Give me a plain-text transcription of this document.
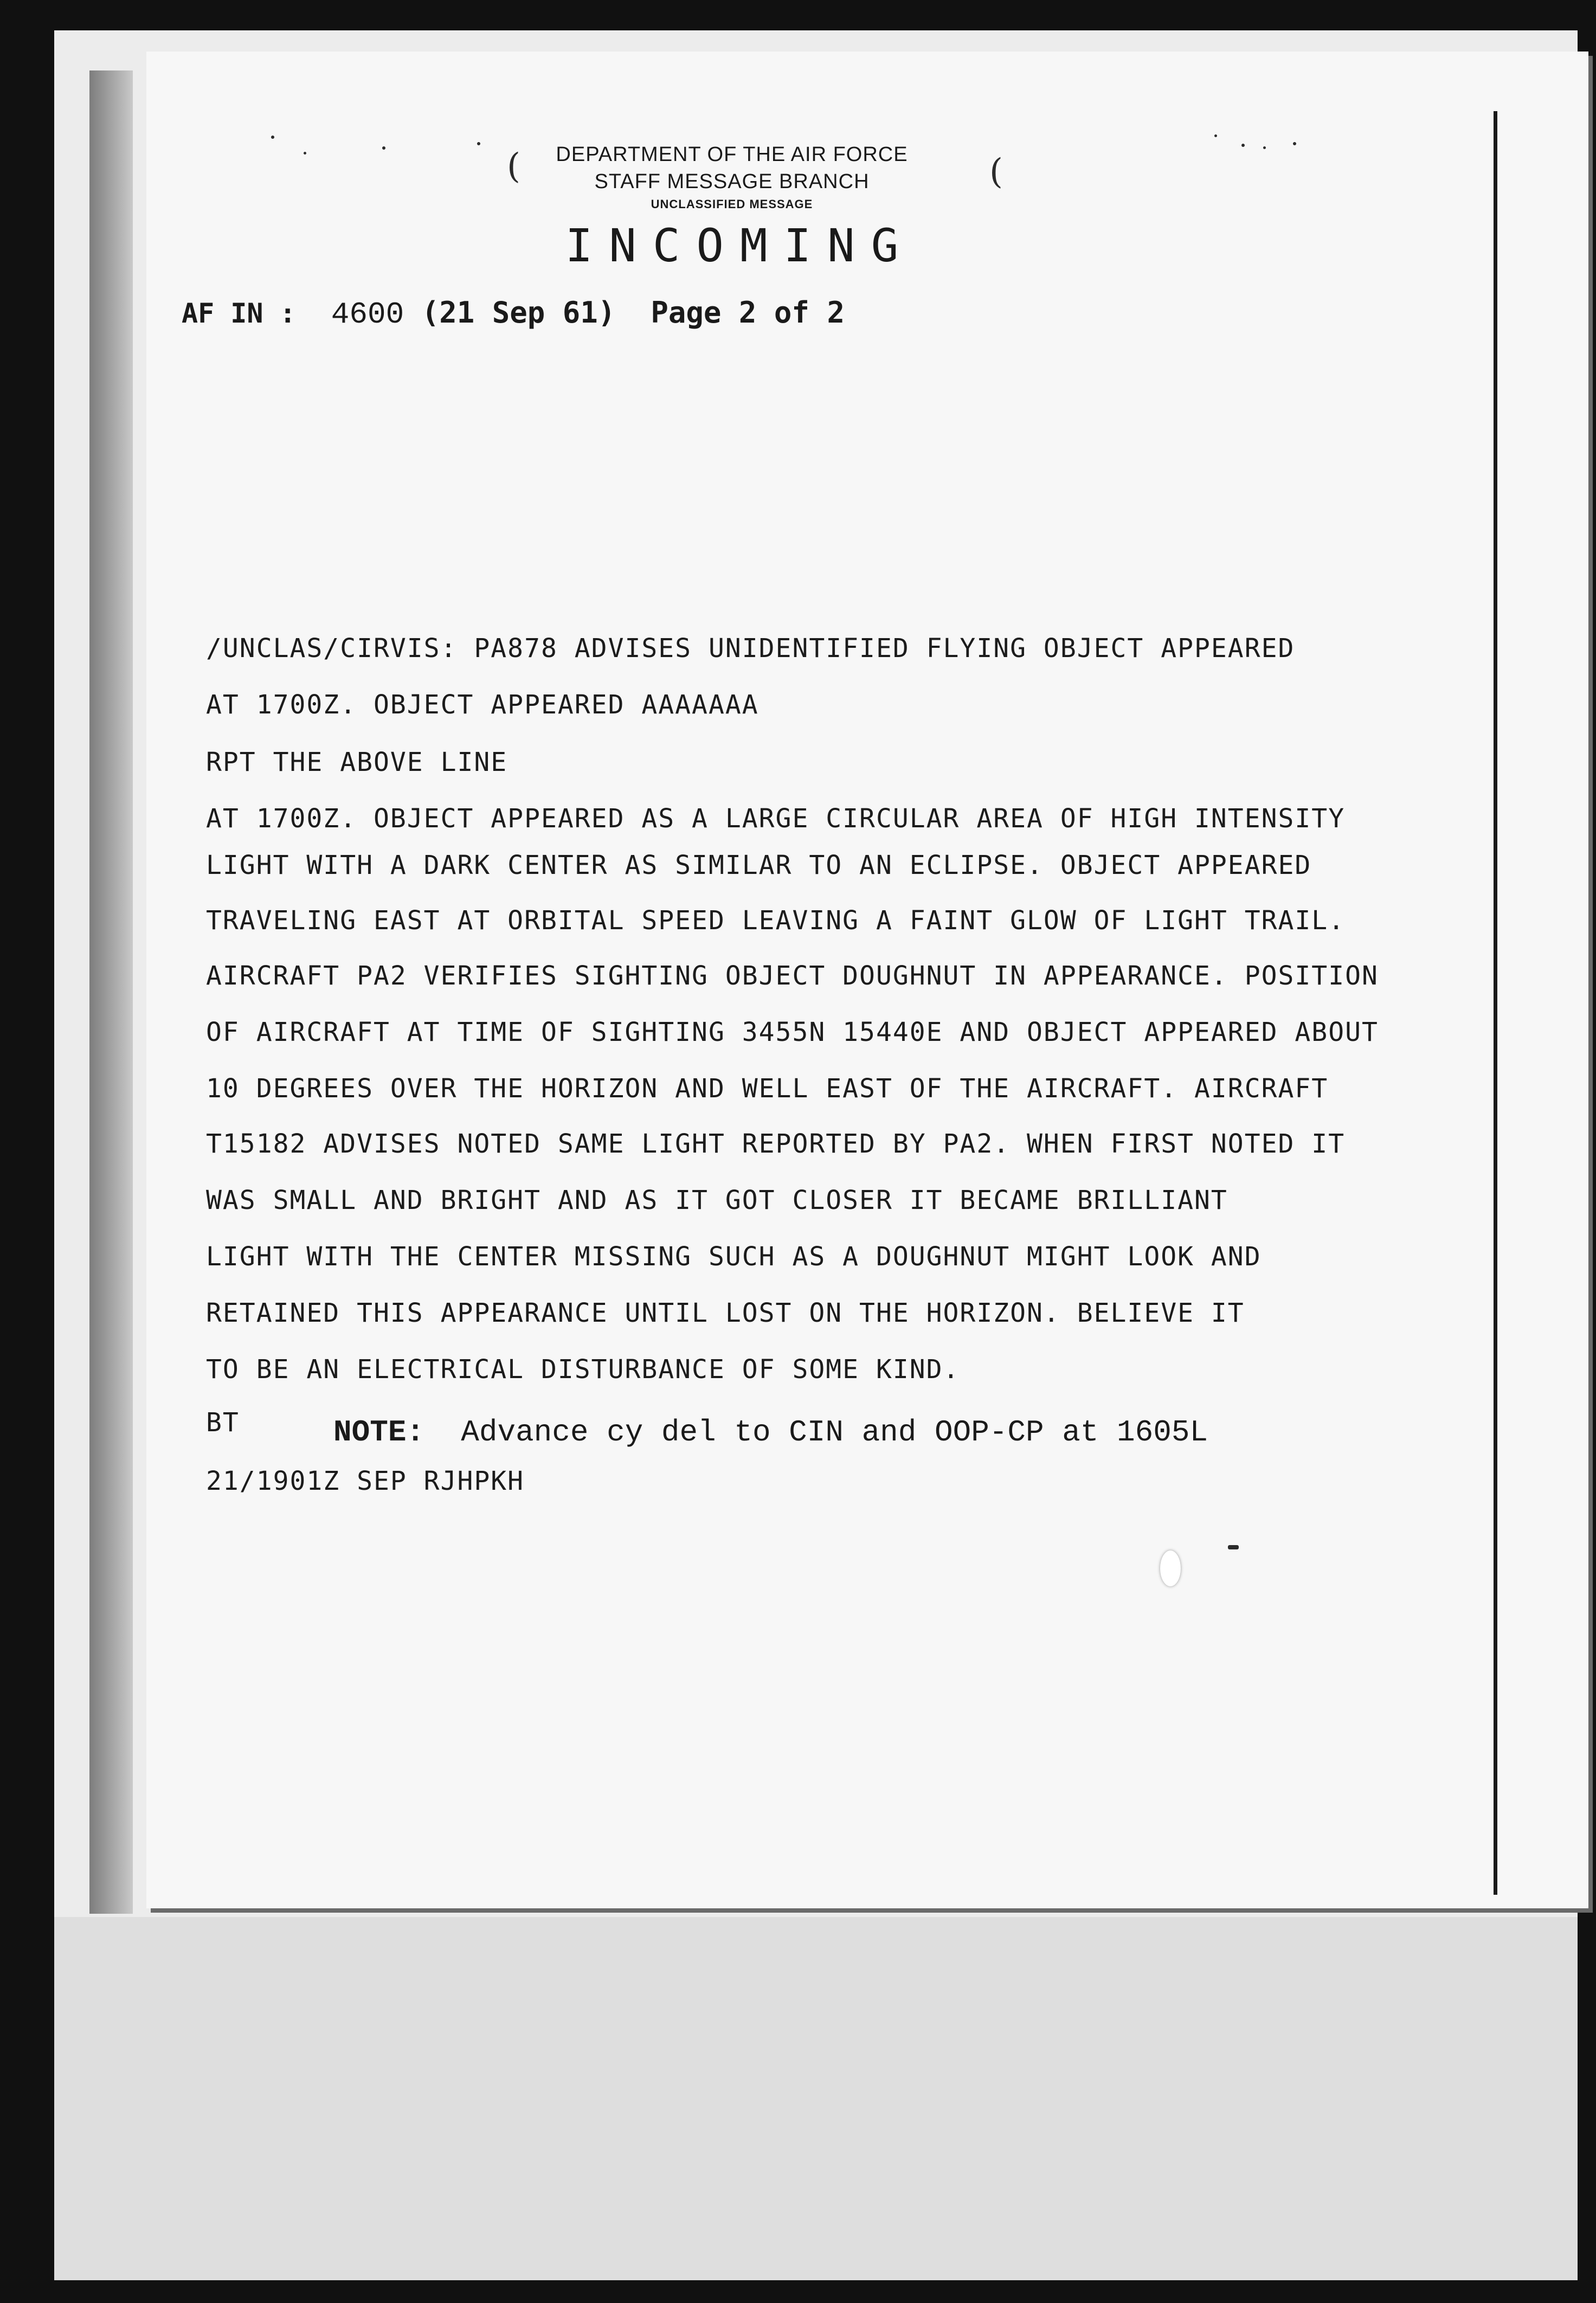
(	(
DEPARTMENT OF THE AIR FORCE
STAFF MESSAGE BRANCH
UNCLASSIFIED MESSAGE
INCOMING
AF IN : 4600 (21 Sep 61) Page 2 of 2
/UNCLAS/CIRVIS: PA878 ADVISES UNIDENTIFIED FLYING OBJECT APPEARED
AT 1700Z. OBJECT APPEARED AAAAAAA
RPT THE ABOVE LINE
AT 1700Z. OBJECT APPEARED AS A LARGE CIRCULAR AREA OF HIGH INTENSITY
LIGHT WITH A DARK CENTER AS SIMILAR TO AN ECLIPSE. OBJECT APPEARED
TRAVELING EAST AT ORBITAL SPEED LEAVING A FAINT GLOW OF LIGHT TRAIL.
AIRCRAFT PA2 VERIFIES SIGHTING OBJECT DOUGHNUT IN APPEARANCE. POSITION
OF AIRCRAFT AT TIME OF SIGHTING 3455N 15440E AND OBJECT APPEARED ABOUT
10 DEGREES OVER THE HORIZON AND WELL EAST OF THE AIRCRAFT. AIRCRAFT
T15182 ADVISES NOTED SAME LIGHT REPORTED BY PA2. WHEN FIRST NOTED IT
WAS SMALL AND BRIGHT AND AS IT GOT CLOSER IT BECAME BRILLIANT
LIGHT WITH THE CENTER MISSING SUCH AS A DOUGHNUT MIGHT LOOK AND
RETAINED THIS APPEARANCE UNTIL LOST ON THE HORIZON. BELIEVE IT
TO BE AN ELECTRICAL DISTURBANCE OF SOME KIND.
BT	NOTE: Advance cy del to CIN and OOP-CP at 1605L
21/1901Z SEP RJHPKH
